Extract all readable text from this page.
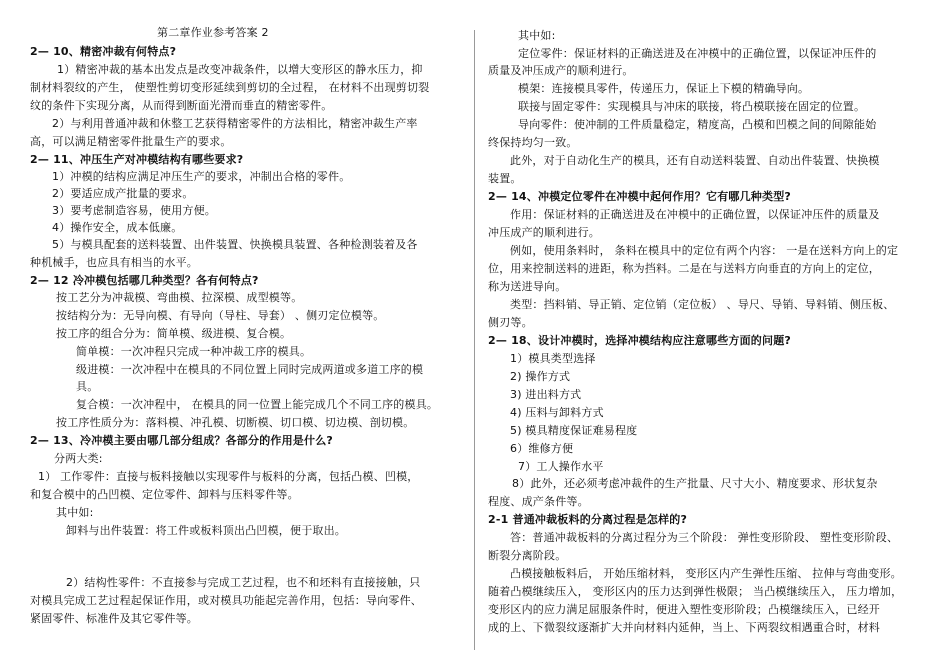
第二章作业参考答案 2
2— 10、精密冲裁有何特点?
1）精密冲裁的基本出发点是改变冲裁条件，以增大变形区的静水压力，抑
制材料裂纹的产生， 使塑性剪切变形延续到剪切的全过程， 在材料不出现剪切裂
纹的条件下实现分离，从而得到断面光滑而垂直的精密零件。
2）与利用普通冲裁和休整工艺获得精密零件的方法相比，精密冲裁生产率
高，可以满足精密零件批量生产的要求。
2— 11、冲压生产对冲模结构有哪些要求?
1）冲模的结构应满足冲压生产的要求，冲制出合格的零件。
2）要适应成产批量的要求。
3）要考虑制造容易，使用方便。
4）操作安全，成本低廉。
5）与模具配套的送料装置、出件装置、快换模具装置、各种检测装着及各
种机械手，也应具有相当的水平。
2— 12 冷冲模包括哪几种类型？各有何特点?
按工艺分为冲裁模、弯曲模、拉深模、成型模等。
按结构分为：无导向模、有导向（导柱、导套） 、侧刃定位模等。
按工序的组合分为：简单模、级进模、复合模。
简单模：一次冲程只完成一种冲裁工序的模具。
级进模：一次冲程中在模具的不同位置上同时完成两道或多道工序的模
具。
复合模：一次冲程中， 在模具的同一位置上能完成几个不同工序的模具。
按工序性质分为：落料模、冲孔模、切断模、切口模、切边模、剖切模。
2— 13、冷冲模主要由哪几部分组成？各部分的作用是什么?
分两大类:
1） 工作零件：直接与板料接触以实现零件与板料的分离，包括凸模、凹模，
和复合模中的凸凹模、定位零件、卸料与压料零件等。
其中如:
卸料与出件装置：将工件或板料顶出凸凹模，便于取出。
2）结构性零件：不直接参与完成工艺过程，也不和坯料有直接接触，只
对模具完成工艺过程起保证作用，或对模具功能起完善作用，包括：导向零件、
紧固零件、标准件及其它零件等。
其中如:
定位零件：保证材料的正确送进及在冲模中的正确位置，以保证冲压件的
质量及冲压成产的顺利进行。
模架：连接模具零件，传递压力，保证上下模的精确导向。
联接与固定零件：实现模具与冲床的联接，将凸模联接在固定的位置。
导向零件：使冲制的工件质量稳定，精度高，凸模和凹模之间的间隙能始
终保持均匀一致。
此外，对于自动化生产的模具，还有自动送料装置、自动出件装置、快换模
装置。
2— 14、冲模定位零件在冲模中起何作用？它有哪几种类型?
作用：保证材料的正确送进及在冲模中的正确位置，以保证冲压件的质量及
冲压成产的顺利进行。
例如，使用条料时， 条料在模具中的定位有两个内容： 一是在送料方向上的定
位，用来控制送料的进距，称为挡料。二是在与送料方向垂直的方向上的定位，
称为送进导向。
类型：挡料销、导正销、定位销（定位板） 、导尺、导销、导料销、侧压板、
侧刃等。
2— 18、设计冲模时，选择冲模结构应注意哪些方面的问题?
1）模具类型选择
2) 操作方式
3) 进出料方式
4) 压料与卸料方式
5) 模具精度保证难易程度
6）维修方便
7）工人操作水平
8）此外，还必须考虑冲裁件的生产批量、尺寸大小、精度要求、形状复杂
程度、成产条件等。
2-1 普通冲裁板料的分离过程是怎样的?
答：普通冲裁板料的分离过程分为三个阶段： 弹性变形阶段、 塑性变形阶段、
断裂分离阶段。
凸模接触板料后， 开始压缩材料， 变形区内产生弹性压缩、 拉伸与弯曲变形。
随着凸模继续压入， 变形区内的压力达到弹性极限； 当凸模继续压入， 压力增加，
变形区内的应力满足屈服条件时，便进入塑性变形阶段；凸模继续压入，已经开
成的上、下微裂纹逐渐扩大并向材料内延伸，当上、下两裂纹相遇重合时，材料
